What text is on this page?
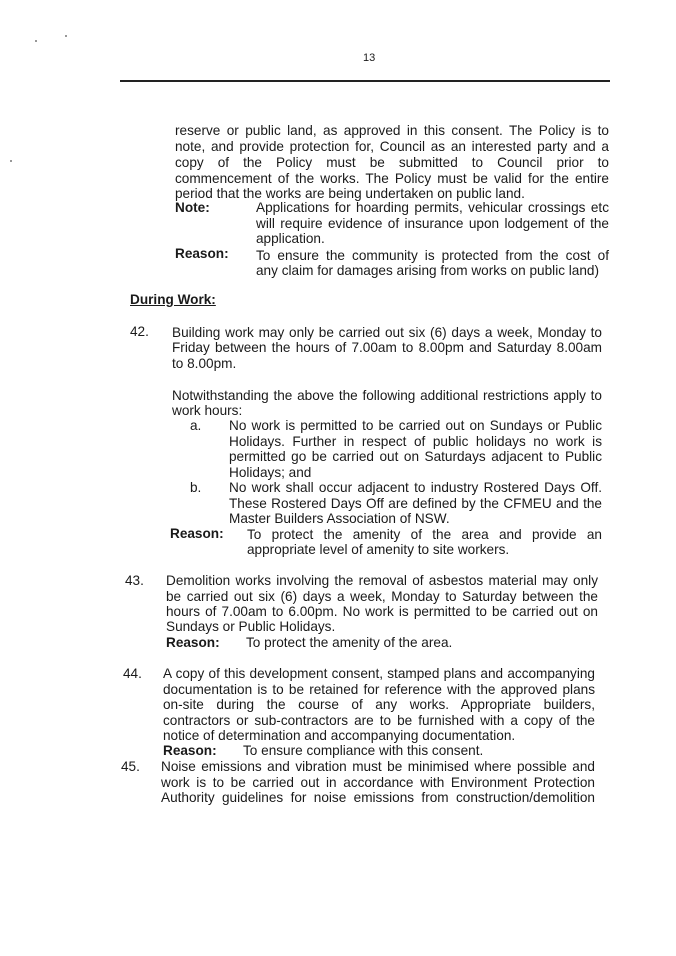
13
reserve or public land, as approved in this consent. The Policy is to
note, and provide protection for, Council as an interested party and a
copy of the Policy must be submitted to Council prior to
commencement of the works. The Policy must be valid for the entire
period that the works are being undertaken on public land.
Note:	Applications for hoarding permits, vehicular crossings etc
will require evidence of insurance upon lodgement of the
application.
Reason: To ensure the community is protected from the cost of
any claim for damages arising from works on public land)
During Work:
42. Building work may only be carried out six (6) days a week, Monday to
Friday between the hours of 7.00am to 8.00pm and Saturday 8.00am
to 8.00pm.
Notwithstanding the above the following additional restrictions apply to
work hours:
a. No work is permitted to be carried out on Sundays or Public
Holidays. Further in respect of public holidays no work is
permitted go be carried out on Saturdays adjacent to Public
Holidays; and
b. No work shall occur adjacent to industry Rostered Days Off.
These Rostered Days Off are defined by the CFMEU and the
Master Builders Association of NSW.
Reason: To protect the amenity of the area and provide an
appropriate level of amenity to site workers.
43. Demolition works involving the removal of asbestos material may only
be carried out six (6) days a week, Monday to Saturday between the
hours of 7.00am to 6.00pm. No work is permitted to be carried out on
Sundays or Public Holidays.
Reason: To protect the amenity of the area.
44. A copy of this development consent, stamped plans and accompanying
documentation is to be retained for reference with the approved plans
on-site during the course of any works. Appropriate builders,
contractors or sub-contractors are to be furnished with a copy of the
notice of determination and accompanying documentation.
Reason: To ensure compliance with this consent.
45. Noise emissions and vibration must be minimised where possible and
work is to be carried out in accordance with Environment Protection
Authority guidelines for noise emissions from construction/demolition
